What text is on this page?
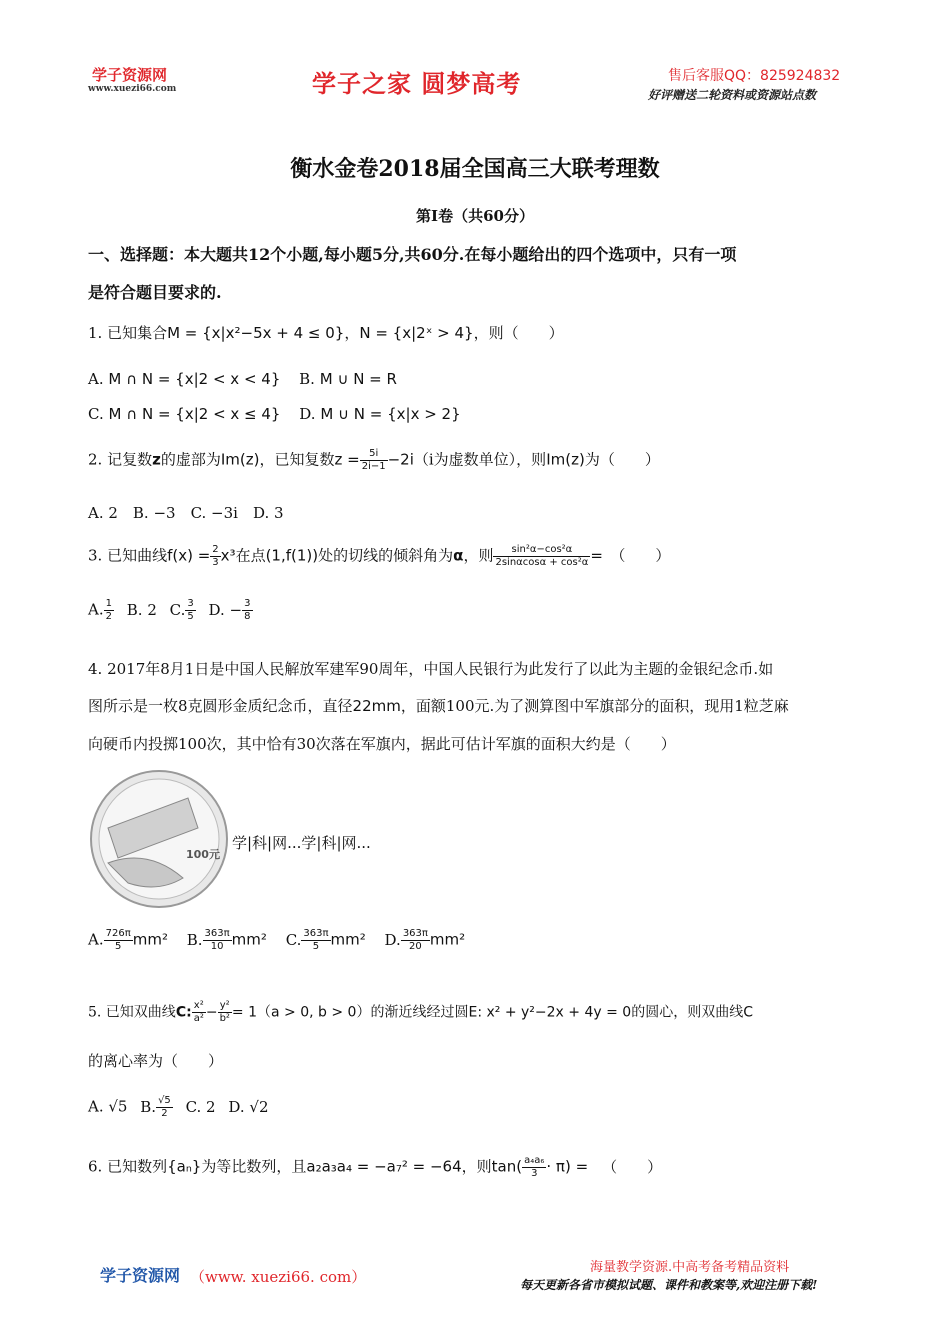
学子资源网
www.xuezi66.com	学子之家 圆梦高考	售后客服QQ：825924832
好评赠送二轮资料或资源站点数
衡水金卷2018届全国高三大联考理数
第Ⅰ卷（共60分）
一、选择题：本大题共12个小题,每小题5分,共60分.在每小题给出的四个选项中，只有一项
是符合题目要求的.
1. 已知集合M = {x|x²−5x + 4 ≤ 0}，N = {x|2ˣ > 4}，则（　　）
A. M ∩ N = {x|2 < x < 4} B. M ∪ N = R
C. M ∩ N = {x|2 < x ≤ 4} D. M ∪ N = {x|x > 2}
2. 记复数z的虚部为Im(z)，已知复数$z = \frac{5i}{2i-1} -2i(i$为虚数单位），则Im(z)为（　　）
A. 2　B. −3　C. −3i　D. 3
3. 已知曲线$f(x) = \frac{2}{3} x^3$在点(1,f(1))处的切线的倾斜角为α，则 $\frac{\text{sin²α−cos²α}}{\text{2sinαcosα + cos²α}}$ =　（　　）
A. $\frac{1}{2} B$. 2 C. $\frac{3}{5} D$. − $\frac{3}{8}$
4. 2017年8月1日是中国人民解放军建军90周年，中国人民银行为此发行了以此为主题的金银纪念币.如
图所示是一枚8克圆形金质纪念币，直径22mm，面额100元.为了测算图中军旗部分的面积，现用1粒芝麻
向硬币内投掷100次，其中恰有30次落在军旗内，据此可估计军旗的面积大约是（　　）
100元
学|科|网...学|科|网...
A. $\frac{726\pi}{5} mm^2$ B. $\frac{363\pi}{10} mm^2$ C. $\frac{363\pi}{5} mm^2$ D. $\frac{363\pi}{20} mm^2$
5. 已知双曲线C: $\frac{\text{x²}}{\text{a²}} - \frac{\text{y²}}{\text{b²}} = 1(a > 0$, b > 0）的渐近线经过圆E: x² + y²−2x + 4y = 0的圆心，则双曲线C
的离心率为（　　）
A. √5 B. $\frac{√5}{2} C$. 2 D. √2
6. 已知数列{aₙ}为等比数列，且a₂a₃a₄ = −a₇² = −64，则$\tan( \frac{\text{a₄a₆}}{3} \cdot \pi)$ = （　　）
学子资源网 （www. xuezi66. com）
海量教学资源.中高考备考精品资料
每天更新各省市模拟试题、课件和教案等,欢迎注册下载!
